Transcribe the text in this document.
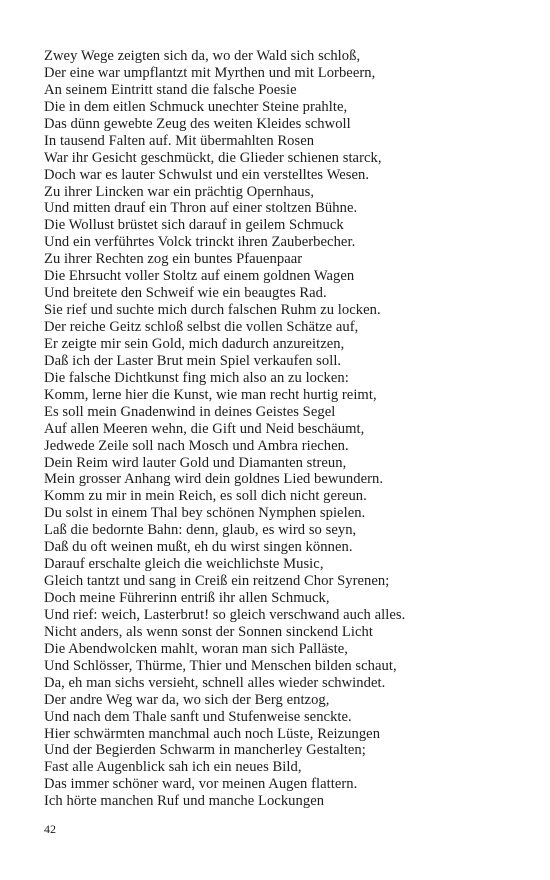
Zwey Wege zeigten sich da, wo der Wald sich schloß,
Der eine war umpflantzt mit Myrthen und mit Lorbeern,
An seinem Eintritt stand die falsche Poesie
Die in dem eitlen Schmuck unechter Steine prahlte,
Das dünn gewebte Zeug des weiten Kleides schwoll
In tausend Falten auf. Mit übermahlten Rosen
War ihr Gesicht geschmückt, die Glieder schienen starck,
Doch war es lauter Schwulst und ein verstelltes Wesen.
Zu ihrer Lincken war ein prächtig Opernhaus,
Und mitten drauf ein Thron auf einer stoltzen Bühne.
Die Wollust brüstet sich darauf in geilem Schmuck
Und ein verführtes Volck trinckt ihren Zauberbecher.
Zu ihrer Rechten zog ein buntes Pfauenpaar
Die Ehrsucht voller Stoltz auf einem goldnen Wagen
Und breitete den Schweif wie ein beaugtes Rad.
Sie rief und suchte mich durch falschen Ruhm zu locken.
Der reiche Geitz schloß selbst die vollen Schätze auf,
Er zeigte mir sein Gold, mich dadurch anzureitzen,
Daß ich der Laster Brut mein Spiel verkaufen soll.
Die falsche Dichtkunst fing mich also an zu locken:
Komm, lerne hier die Kunst, wie man recht hurtig reimt,
Es soll mein Gnadenwind in deines Geistes Segel
Auf allen Meeren wehn, die Gift und Neid beschäumt,
Jedwede Zeile soll nach Mosch und Ambra riechen.
Dein Reim wird lauter Gold und Diamanten streun,
Mein grosser Anhang wird dein goldnes Lied bewundern.
Komm zu mir in mein Reich, es soll dich nicht gereun.
Du solst in einem Thal bey schönen Nymphen spielen.
Laß die bedornte Bahn: denn, glaub, es wird so seyn,
Daß du oft weinen mußt, eh du wirst singen können.
Darauf erschalte gleich die weichlichste Music,
Gleich tantzt und sang in Creiß ein reitzend Chor Syrenen;
Doch meine Führerinn entriß ihr allen Schmuck,
Und rief: weich, Lasterbrut! so gleich verschwand auch alles.
Nicht anders, als wenn sonst der Sonnen sinckend Licht
Die Abendwolcken mahlt, woran man sich Palläste,
Und Schlösser, Thürme, Thier und Menschen bilden schaut,
Da, eh man sichs versieht, schnell alles wieder schwindet.
Der andre Weg war da, wo sich der Berg entzog,
Und nach dem Thale sanft und Stufenweise senckte.
Hier schwärmten manchmal auch noch Lüste, Reizungen
Und der Begierden Schwarm in mancherley Gestalten;
Fast alle Augenblick sah ich ein neues Bild,
Das immer schöner ward, vor meinen Augen flattern.
Ich hörte manchen Ruf und manche Lockungen
42
